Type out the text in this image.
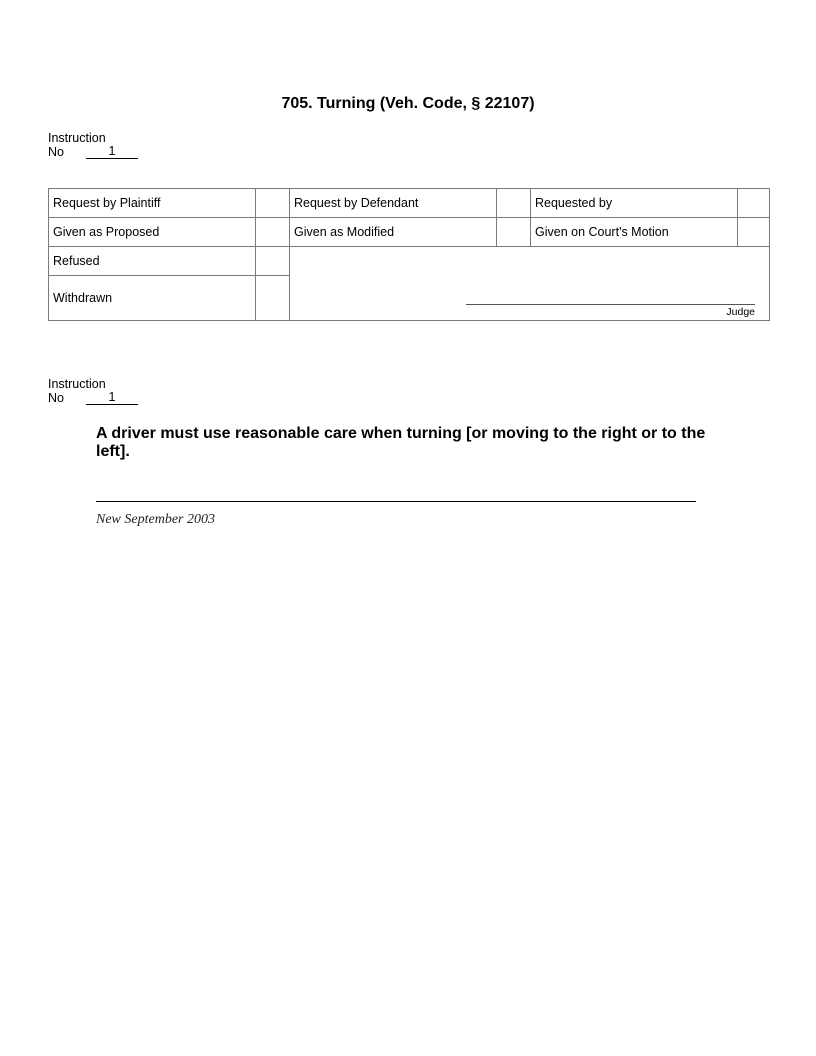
705. Turning (Veh. Code, § 22107)
Instruction
No	1
Request by Plaintiff		Request by Defendant		Requested by	
Given as Proposed		Given as Modified		Given on Court's Motion	
Refused		Judge			

Withdrawn					
Instruction
No	1
A driver must use reasonable care when turning [or moving to the right or to the left].
New September 2003
